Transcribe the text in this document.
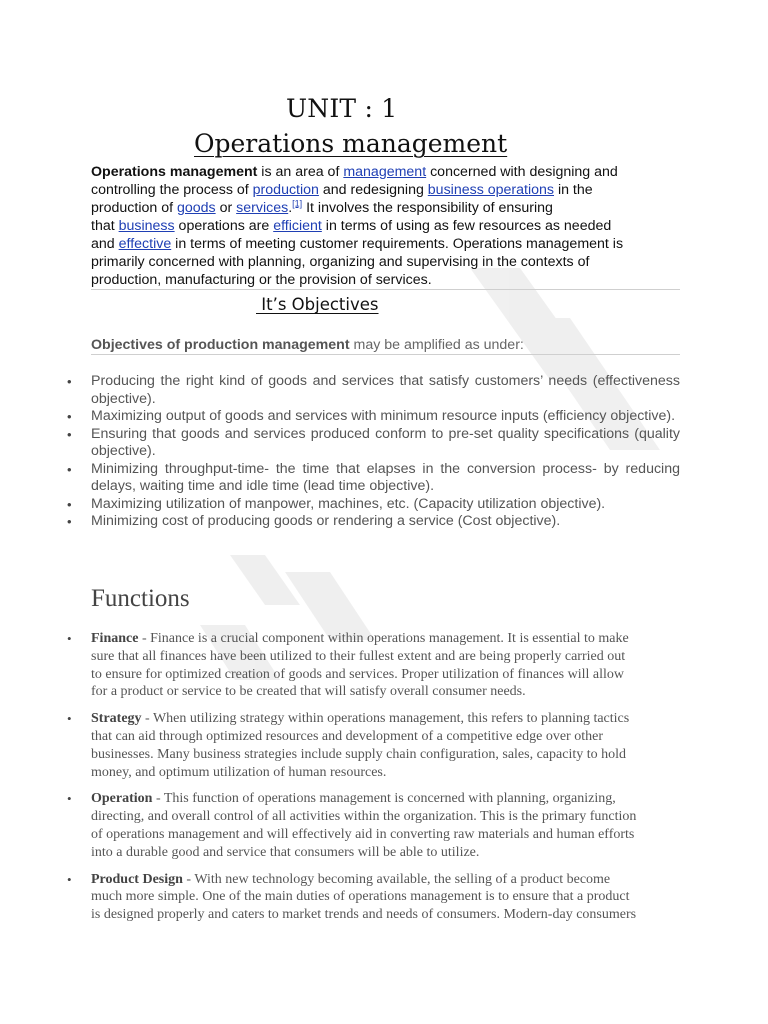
UNIT : 1
Operations management

Operations management is an area of management concerned with designing and
controlling the process of production and redesigning business operations in the
production of goods or services.[1] It involves the responsibility of ensuring
that business operations are efficient in terms of using as few resources as needed
and effective in terms of meeting customer requirements. Operations management is
primarily concerned with planning, organizing and supervising in the contexts of
production, manufacturing or the provision of services.

It’s Objectives
Objectives of production management may be amplified as under:
• Producing the right kind of goods and services that satisfy customers’ needs (effectiveness objective).
• Maximizing output of goods and services with minimum resource inputs (efficiency objective).
• Ensuring that goods and services produced conform to pre-set quality specifications (quality objective).
• Minimizing throughput-time- the time that elapses in the conversion process- by reducing delays, waiting time and idle time (lead time objective).
• Maximizing utilization of manpower, machines, etc. (Capacity utilization objective).
• Minimizing cost of producing goods or rendering a service (Cost objective).
Functions
• Finance - Finance is a crucial component within operations management. It is essential to make
sure that all finances have been utilized to their fullest extent and are being properly carried out
to ensure for optimized creation of goods and services. Proper utilization of finances will allow
for a product or service to be created that will satisfy overall consumer needs.
• Strategy - When utilizing strategy within operations management, this refers to planning tactics
that can aid through optimized resources and development of a competitive edge over other
businesses. Many business strategies include supply chain configuration, sales, capacity to hold
money, and optimum utilization of human resources.
• Operation - This function of operations management is concerned with planning, organizing,
directing, and overall control of all activities within the organization. This is the primary function
of operations management and will effectively aid in converting raw materials and human efforts
into a durable good and service that consumers will be able to utilize.
• Product Design - With new technology becoming available, the selling of a product become
much more simple. One of the main duties of operations management is to ensure that a product
is designed properly and caters to market trends and needs of consumers. Modern-day consumers
